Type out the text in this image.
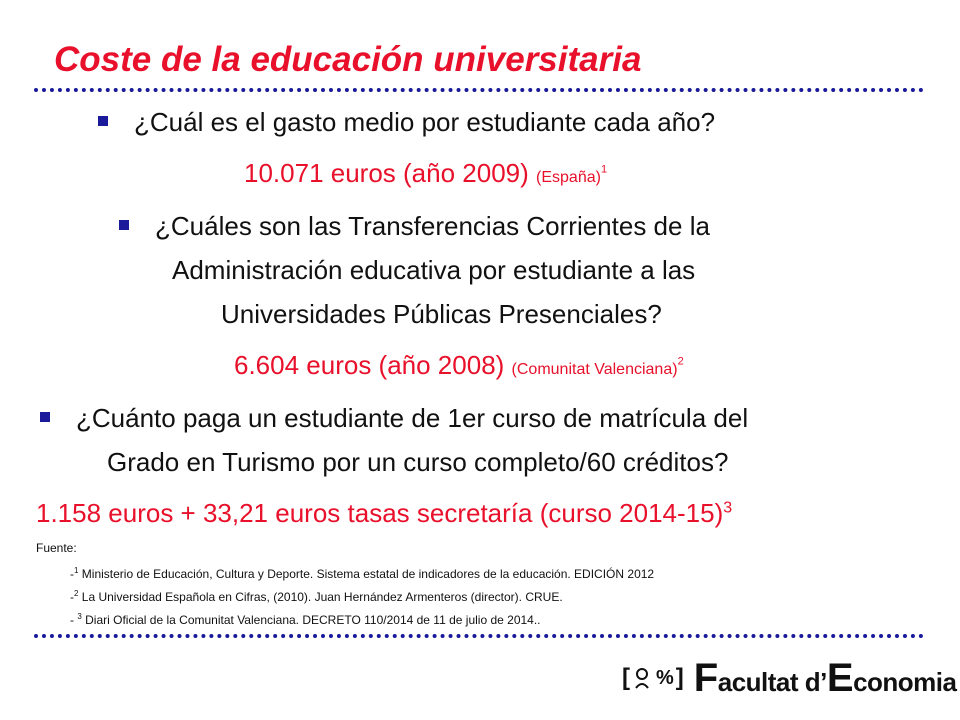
Coste de la educación universitaria
¿Cuál es el gasto medio por estudiante cada año?
10.071 euros (año 2009) (España)$^1$
¿Cuáles son las Transferencias Corrientes de la
Administración educativa por estudiante a las
Universidades Públicas Presenciales?
6.604 euros (año 2008) (Comunitat Valenciana)$^2$
¿Cuánto paga un estudiante de 1er curso de matrícula del
Grado en Turismo por un curso completo/60 créditos?
1.158 euros + 33,21 euros tasas secretaría (curso 2014-15)$^3$
Fuente:
-$^1$ Ministerio de Educación, Cultura y Deporte. Sistema estatal de indicadores de la educación. EDICIÓN 2012
-$^2$ La Universidad Española en Cifras, (2010). Juan Hernández Armenteros (director). CRUE.
- $^3$ Diari Oficial de la Comunitat Valenciana. DECRETO 110/2014 de 11 de julio de 2014..
[ % ] Facultat d’Economia
